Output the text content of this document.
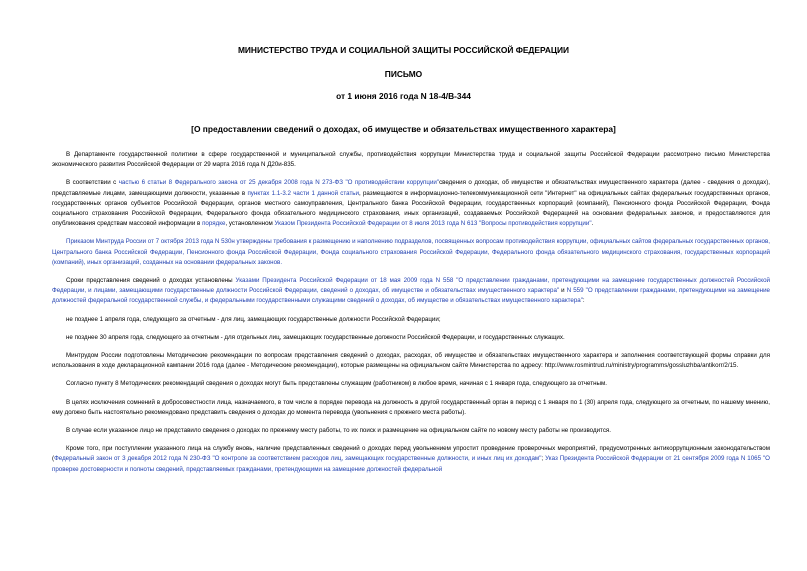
МИНИСТЕРСТВО ТРУДА И СОЦИАЛЬНОЙ ЗАЩИТЫ РОССИЙСКОЙ ФЕДЕРАЦИИ
ПИСЬМО
от 1 июня 2016 года N 18-4/В-344
[О предоставлении сведений о доходах, об имуществе и обязательствах имущественного характера]

В Департаменте государственной политики в сфере государственной и муниципальной службы, противодействия коррупции Министерства труда и социальной защиты Российской Федерации рассмотрено письмо Министерства экономического развития Российской Федерации от 29 марта 2016 года N Д20и-835.

В соответствии с частью 6 статьи 8 Федерального закона от 25 декабря 2008 года N 273-ФЗ "О противодействии коррупции"сведения о доходах, об имуществе и обязательствах имущественного характера (далее - сведения о доходах), представляемые лицами, замещающими должности, указанные в пунктах 1.1-3.2 части 1 данной статьи, размещаются в информационно-телекоммуникационной сети "Интернет" на официальных сайтах федеральных государственных органов, государственных органов субъектов Российской Федерации, органов местного самоуправления, Центрального банка Российской Федерации, государственных корпораций (компаний), Пенсионного фонда Российской Федерации, Фонда социального страхования Российской Федерации, Федерального фонда обязательного медицинского страхования, иных организаций, создаваемых Российской Федерацией на основании федеральных законов, и предоставляются для опубликования средствам массовой информации в порядке, установленном Указом Президента Российской Федерации от 8 июля 2013 года N 613 "Вопросы противодействия коррупции".

Приказом Минтруда России от 7 октября 2013 года N 530н утверждены требования к размещению и наполнению подразделов, посвященных вопросам противодействия коррупции, официальных сайтов федеральных государственных органов, Центрального банка Российской Федерации, Пенсионного фонда Российской Федерации, Фонда социального страхования Российской Федерации, Федерального фонда обязательного медицинского страхования, государственных корпораций (компаний), иных организаций, созданных на основании федеральных законов.

Сроки представления сведений о доходах установлены Указами Президента Российской Федерации от 18 мая 2009 года N 558 "О представлении гражданами, претендующими на замещение государственных должностей Российской Федерации, и лицами, замещающими государственные должности Российской Федерации, сведений о доходах, об имуществе и обязательствах имущественного характера" и N 559 "О представлении гражданами, претендующими на замещение должностей федеральной государственной службы, и федеральными государственными служащими сведений о доходах, об имуществе и обязательствах имущественного характера":

не позднее 1 апреля года, следующего за отчетным - для лиц, замещающих государственные должности Российской Федерации;

не позднее 30 апреля года, следующего за отчетным - для отдельных лиц, замещающих государственные должности Российской Федерации, и государственных служащих.

Минтрудом России подготовлены Методические рекомендации по вопросам представления сведений о доходах, расходах, об имуществе и обязательствах имущественного характера и заполнения соответствующей формы справки для использования в ходе декларационной кампании 2016 года (далее - Методические рекомендации), которые размещены на официальном сайте Министерства по адресу: http://www.rosmintrud.ru/ministry/programms/gossluzhba/antikorr/2/15.

Согласно пункту 8 Методических рекомендаций сведения о доходах могут быть представлены служащим (работником) в любое время, начиная с 1 января года, следующего за отчетным.

В целях исключения сомнений в добросовестности лица, назначаемого, в том числе в порядке перевода на должность в другой государственный орган в период с 1 января по 1 (30) апреля года, следующего за отчетным, по нашему мнению, ему должно быть настоятельно рекомендовано представить сведения о доходах до момента перевода (увольнения с прежнего места работы).

В случае если указанное лицо не представило сведения о доходах по прежнему месту работы, то их поиск и размещение на официальном сайте по новому месту работы не производится.

Кроме того, при поступлении указанного лица на службу вновь, наличие представленных сведений о доходах перед увольнением упростит проведение проверочных мероприятий, предусмотренных антикоррупционным законодательством (Федеральный закон от 3 декабря 2012 года N 230-ФЗ "О контроле за соответствием расходов лиц, замещающих государственные должности, и иных лиц их доходам"; Указ Президента Российской Федерации от 21 сентября 2009 года N 1065 "О проверке достоверности и полноты сведений, представляемых гражданами, претендующими на замещение должностей федеральной
